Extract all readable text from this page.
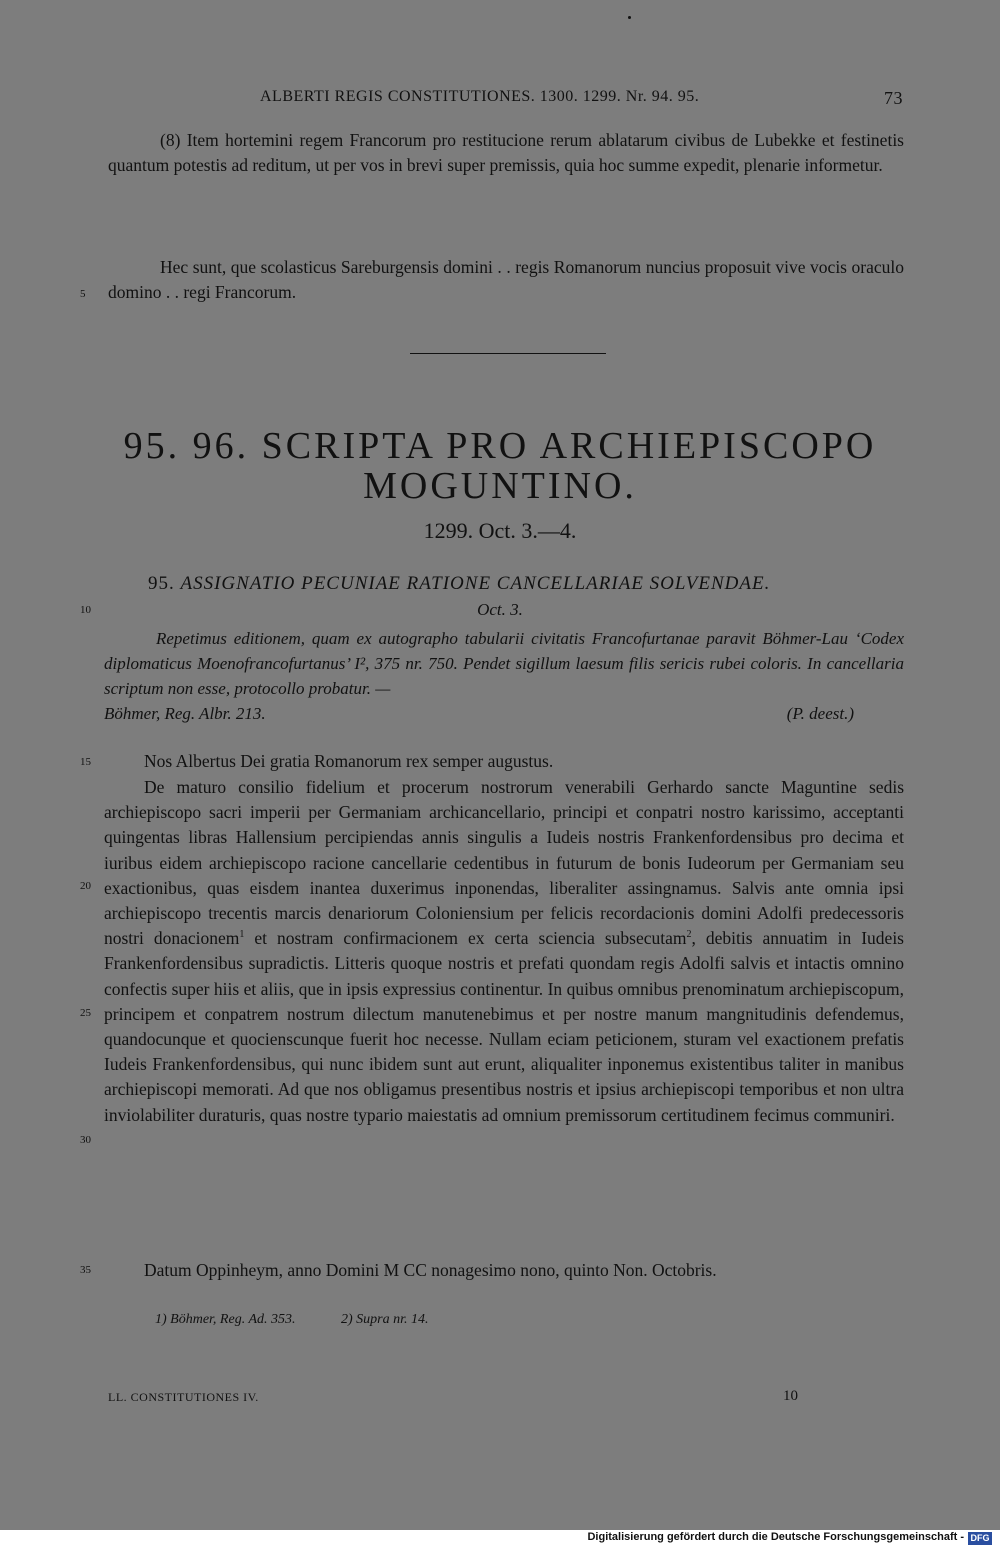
ALBERTI REGIS CONSTITUTIONES. 1300. 1299. Nr. 94. 95.	73
(8) Item hortemini regem Francorum pro restitucione rerum ablatarum civibus de Lubekke et festinetis quantum potestis ad reditum, ut per vos in brevi super premissis, quia hoc summe expedit, plenarie informetur.
Hec sunt, que scolasticus Sareburgensis domini . . regis Romanorum nuncius proposuit vive vocis oraculo domino . . regi Francorum.
5
95. 96. SCRIPTA PRO ARCHIEPISCOPO
MOGUNTINO.
1299. Oct. 3.—4.
95. ASSIGNATIO PECUNIAE RATIONE CANCELLARIAE SOLVENDAE.
10	Oct. 3.
Repetimus editionem, quam ex autographo tabularii civitatis Francofurtanae paravit Böhmer-Lau ‘Codex diplomaticus Moenofrancofurtanus’ I², 375 nr. 750. Pendet sigillum laesum filis sericis rubei coloris. In cancellaria scriptum non esse, protocollo probatur. —
Böhmer, Reg. Albr. 213.	(P. deest.)
15	Nos Albertus Dei gratia Romanorum rex semper augustus.
De maturo consilio fidelium et procerum nostrorum venerabili Gerhardo sancte Maguntine sedis archiepiscopo sacri imperii per Germaniam archicancellario, principi et conpatri nostro karissimo, acceptanti quingentas libras Hallensium percipiendas annis singulis a Iudeis nostris Frankenfordensibus pro decima et iuribus eidem archiepiscopo racione cancellarie cedentibus in futurum de bonis Iudeorum per Germaniam seu exactionibus, quas eisdem inantea duxerimus inponendas, liberaliter assingnamus. Salvis ante omnia ipsi archiepiscopo trecentis marcis denariorum Coloniensium per felicis recordacionis domini Adolfi predecessoris nostri donacionem$^1$ et nostram confirmacionem ex certa sciencia subsecutam$^2$, debitis annuatim in Iudeis Frankenfordensibus supradictis. Litteris quoque nostris et prefati quondam regis Adolfi salvis et intactis omnino confectis super hiis et aliis, que in ipsis expressius continentur. In quibus omnibus prenominatum archiepiscopum, principem et conpatrem nostrum dilectum manutenebimus et per nostre manum mangnitudinis defendemus, quandocunque et quocienscunque fuerit hoc necesse. Nullam eciam peticionem, sturam vel exactionem prefatis Iudeis Frankenfordensibus, qui nunc ibidem sunt aut erunt, aliqualiter inponemus existentibus taliter in manibus archiepiscopi memorati. Ad que nos obligamus presentibus nostris et ipsius archiepiscopi temporibus et non ultra inviolabiliter duraturis, quas nostre typario maiestatis ad omnium premissorum certitudinem fecimus communiri.
20
25
30
35	Datum Oppinheym, anno Domini M CC nonagesimo nono, quinto Non. Octobris.
1) Böhmer, Reg. Ad. 353.	2) Supra nr. 14.
LL. CONSTITUTIONES IV.	10
Digitalisierung gefördert durch die Deutsche Forschungsgemeinschaft - DFG
